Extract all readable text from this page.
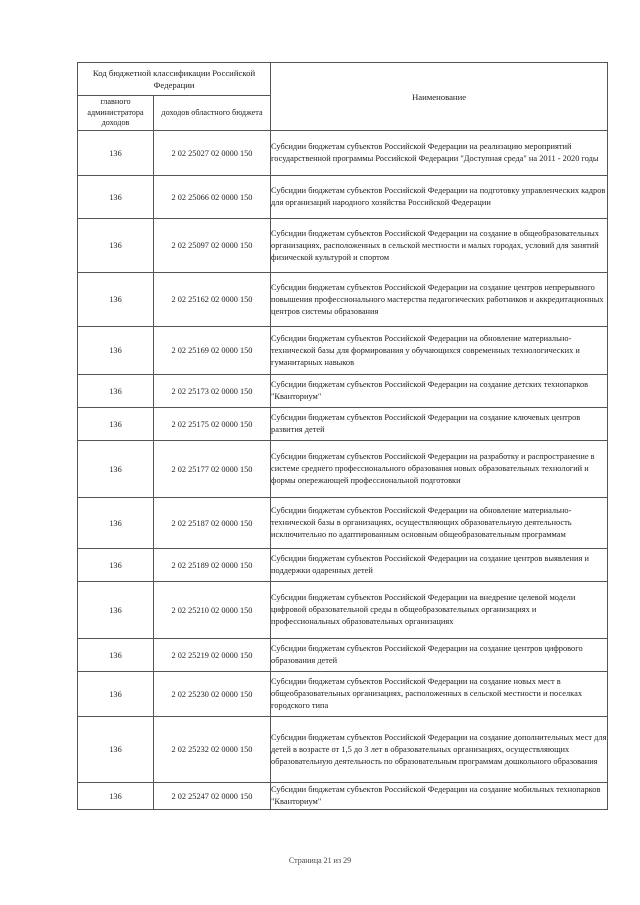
Код бюджетной классификации Российской Федерации		Наименование
главного администратора доходов	доходов областного бюджета	
136	2 02 25027 02 0000 150	Субсидии бюджетам субъектов Российской Федерации на реализацию мероприятий государственной программы Российской Федерации "Доступная среда" на 2011 - 2020 годы
136	2 02 25066 02 0000 150	Субсидии бюджетам субъектов Российской Федерации на подготовку управленческих кадров для организаций народного хозяйства Российской Федерации
136	2 02 25097 02 0000 150	Субсидии бюджетам субъектов Российской Федерации на создание в общеобразовательных организациях, расположенных в сельской местности и малых городах, условий для занятий физической культурой и спортом
136	2 02 25162 02 0000 150	Субсидии бюджетам субъектов Российской Федерации на создание центров непрерывного повышения профессионального мастерства педагогических работников и аккредитационных центров системы образования
136	2 02 25169 02 0000 150	Субсидии бюджетам субъектов Российской Федерации на обновление материально-технической базы для формирования у обучающихся современных технологических и гуманитарных навыков
136	2 02 25173 02 0000 150	Субсидии бюджетам субъектов Российской Федерации на создание детских технопарков "Кванториум"
136	2 02 25175 02 0000 150	Субсидии бюджетам субъектов Российской Федерации на создание ключевых центров развития детей
136	2 02 25177 02 0000 150	Субсидии бюджетам субъектов Российской Федерации на разработку и распространение в системе среднего профессионального образования новых образовательных технологий и формы опережающей профессиональной подготовки
136	2 02 25187 02 0000 150	Субсидии бюджетам субъектов Российской Федерации на обновление материально-технической базы в организациях, осуществляющих образовательную деятельность исключительно по адаптированным основным общеобразовательным программам
136	2 02 25189 02 0000 150	Субсидии бюджетам субъектов Российской Федерации на создание центров выявления и поддержки одаренных детей
136	2 02 25210 02 0000 150	Субсидии бюджетам субъектов Российской Федерации на внедрение целевой модели цифровой образовательной среды в общеобразовательных организациях и профессиональных образовательных организациях
136	2 02 25219 02 0000 150	Субсидии бюджетам субъектов Российской Федерации на создание центров цифрового образования детей
136	2 02 25230 02 0000 150	Субсидии бюджетам субъектов Российской Федерации на создание новых мест в общеобразовательных организациях, расположенных в сельской местности и поселках городского типа
136	2 02 25232 02 0000 150	Субсидии бюджетам субъектов Российской Федерации на создание дополнительных мест для детей в возрасте от 1,5 до 3 лет в образовательных организациях, осуществляющих образовательную деятельность по образовательным программам дошкольного образования
136	2 02 25247 02 0000 150	Субсидии бюджетам субъектов Российской Федерации на создание мобильных технопарков "Кванториум"
Страница 21 из 29
